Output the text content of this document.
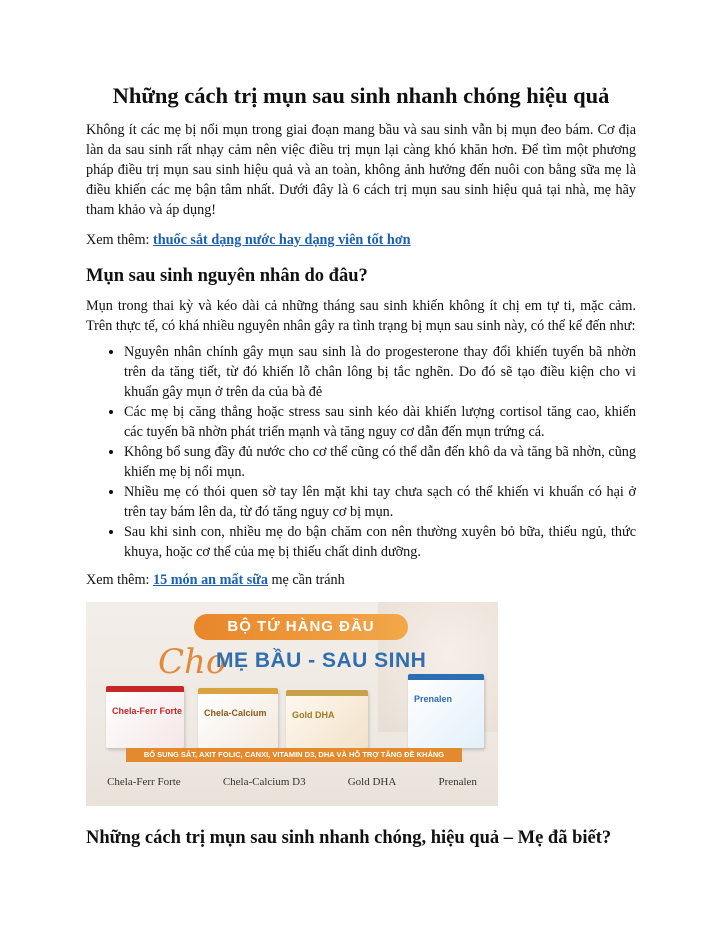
Những cách trị mụn sau sinh nhanh chóng hiệu quả

Không ít các mẹ bị nổi mụn trong giai đoạn mang bầu và sau sinh vẫn bị mụn đeo bám. Cơ địa làn da sau sinh rất nhạy cảm nên việc điều trị mụn lại càng khó khăn hơn. Để tìm một phương pháp điều trị mụn sau sinh hiệu quả và an toàn, không ảnh hưởng đến nuôi con bằng sữa mẹ là điều khiến các mẹ bận tâm nhất. Dưới đây là 6 cách trị mụn sau sinh hiệu quả tại nhà, mẹ hãy tham khảo và áp dụng!

Xem thêm: thuốc sắt dạng nước hay dạng viên tốt hơn
Mụn sau sinh nguyên nhân do đâu?

Mụn trong thai kỳ và kéo dài cả những tháng sau sinh khiến không ít chị em tự ti, mặc cảm. Trên thực tế, có khá nhiều nguyên nhân gây ra tình trạng bị mụn sau sinh này, có thể kể đến như:

• Nguyên nhân chính gây mụn sau sinh là do progesterone thay đổi khiến tuyến bã nhờn trên da tăng tiết, từ đó khiến lỗ chân lông bị tắc nghẽn. Do đó sẽ tạo điều kiện cho vi khuẩn gây mụn ở trên da của bà đẻ
• Các mẹ bị căng thẳng hoặc stress sau sinh kéo dài khiến lượng cortisol tăng cao, khiến các tuyến bã nhờn phát triển mạnh và tăng nguy cơ dẫn đến mụn trứng cá.
• Không bổ sung đầy đủ nước cho cơ thể cũng có thể dẫn đến khô da và tăng bã nhờn, cũng khiến mẹ bị nổi mụn.
• Nhiều mẹ có thói quen sờ tay lên mặt khi tay chưa sạch có thể khiến vi khuẩn có hại ở trên tay bám lên da, từ đó tăng nguy cơ bị mụn.
• Sau khi sinh con, nhiều mẹ do bận chăm con nên thường xuyên bỏ bữa, thiếu ngủ, thức khuya, hoặc cơ thể của mẹ bị thiếu chất dinh dưỡng.
Xem thêm: 15 món an mất sữa mẹ cần tránh
BỘ TỨ HÀNG ĐẦU
Cho
MẸ BẦU - SAU SINH
Chela-Ferr Forte Chela-Calcium	Gold DHA
Prenalen
BỔ SUNG SẮT, AXIT FOLIC, CANXI, VITAMIN D3, DHA VÀ HỖ TRỢ TĂNG ĐỀ KHÁNG
Chela-Ferr Forte	Chela-Calcium D3	Gold DHA	Prenalen
Những cách trị mụn sau sinh nhanh chóng, hiệu quả – Mẹ đã biết?
